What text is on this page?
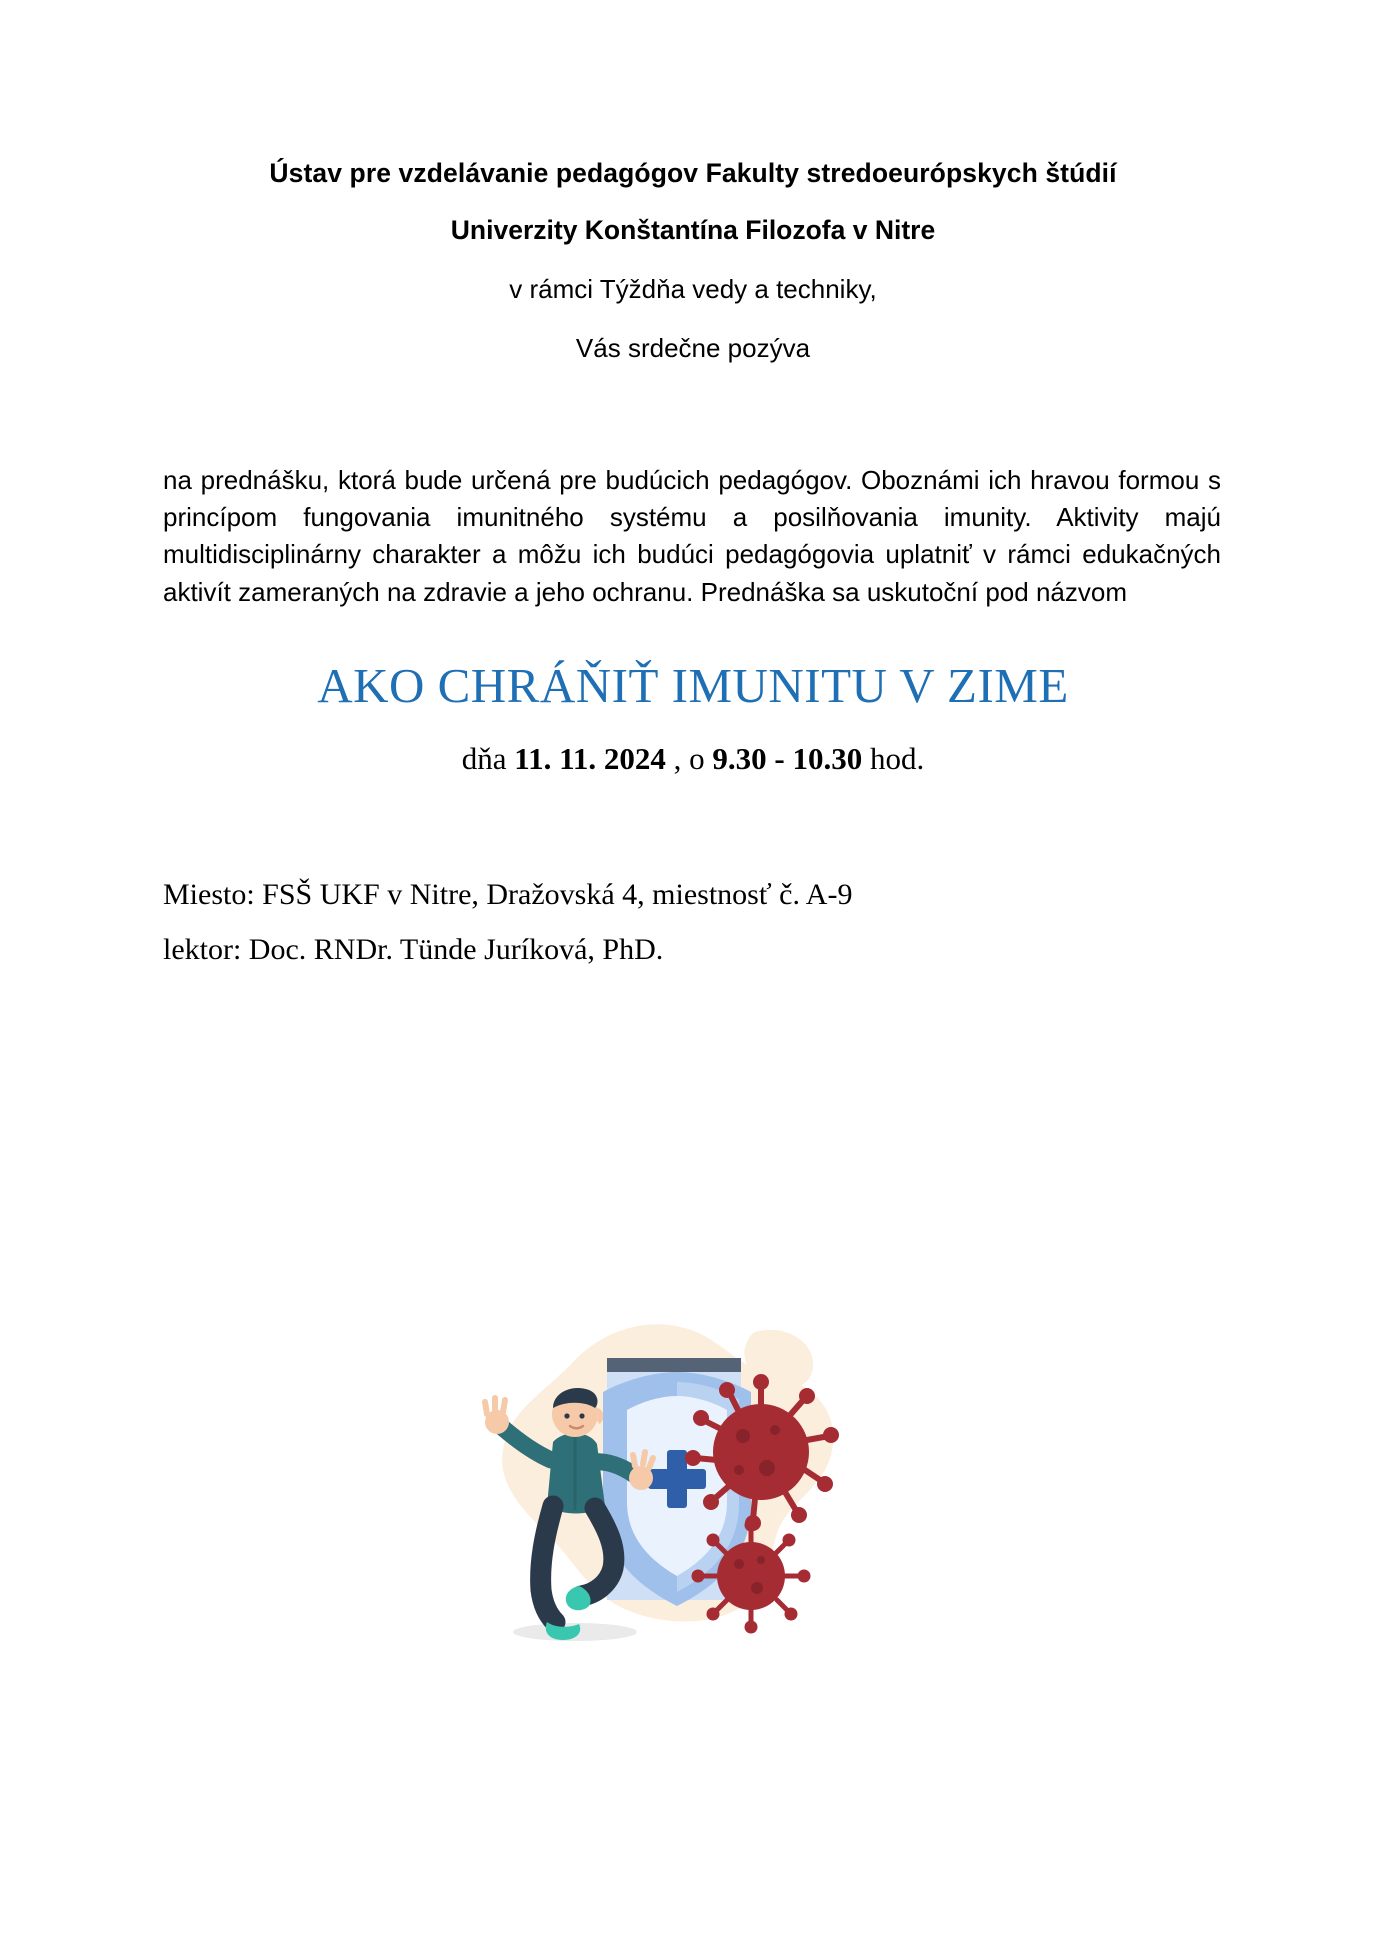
Ústav pre vzdelávanie pedagógov Fakulty stredoeurópskych štúdií
Univerzity Konštantína Filozofa v Nitre
v rámci Týždňa vedy a techniky,
Vás srdečne pozýva
na prednášku, ktorá bude určená pre budúcich pedagógov. Oboznámi ich hravou formou s princípom fungovania imunitného systému a posilňovania imunity. Aktivity majú multidisciplinárny charakter a môžu ich budúci pedagógovia uplatniť v rámci edukačných aktivít zameraných na zdravie a jeho ochranu. Prednáška sa uskutoční pod názvom
AKO CHRÁŇIŤ IMUNITU V ZIME
dňa 11. 11. 2024 , o 9.30 - 10.30 hod.
Miesto: FSŠ UKF v Nitre, Dražovská 4, miestnosť č. A-9
lektor: Doc. RNDr. Tünde Juríková, PhD.
